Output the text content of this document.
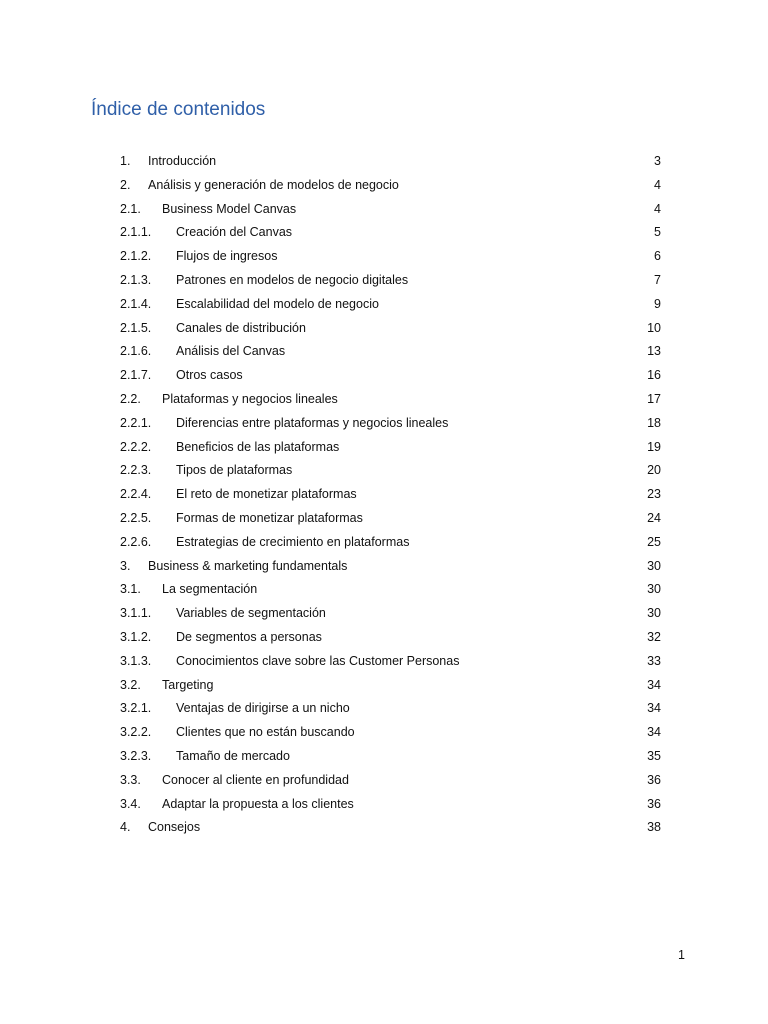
Índice de contenidos
1. Introducción	3
2. Análisis y generación de modelos de negocio	4
2.1. Business Model Canvas	4
2.1.1. Creación del Canvas	5
2.1.2. Flujos de ingresos	6
2.1.3. Patrones en modelos de negocio digitales	7
2.1.4. Escalabilidad del modelo de negocio	9
2.1.5. Canales de distribución	10
2.1.6. Análisis del Canvas	13
2.1.7. Otros casos	16
2.2. Plataformas y negocios lineales	17
2.2.1. Diferencias entre plataformas y negocios lineales	18
2.2.2. Beneficios de las plataformas	19
2.2.3. Tipos de plataformas	20
2.2.4. El reto de monetizar plataformas	23
2.2.5. Formas de monetizar plataformas	24
2.2.6. Estrategias de crecimiento en plataformas	25
3. Business & marketing fundamentals	30
3.1. La segmentación	30
3.1.1. Variables de segmentación	30
3.1.2. De segmentos a personas	32
3.1.3. Conocimientos clave sobre las Customer Personas	33
3.2. Targeting	34
3.2.1. Ventajas de dirigirse a un nicho	34
3.2.2. Clientes que no están buscando	34
3.2.3. Tamaño de mercado	35
3.3. Conocer al cliente en profundidad	36
3.4. Adaptar la propuesta a los clientes	36
4. Consejos	38
1
